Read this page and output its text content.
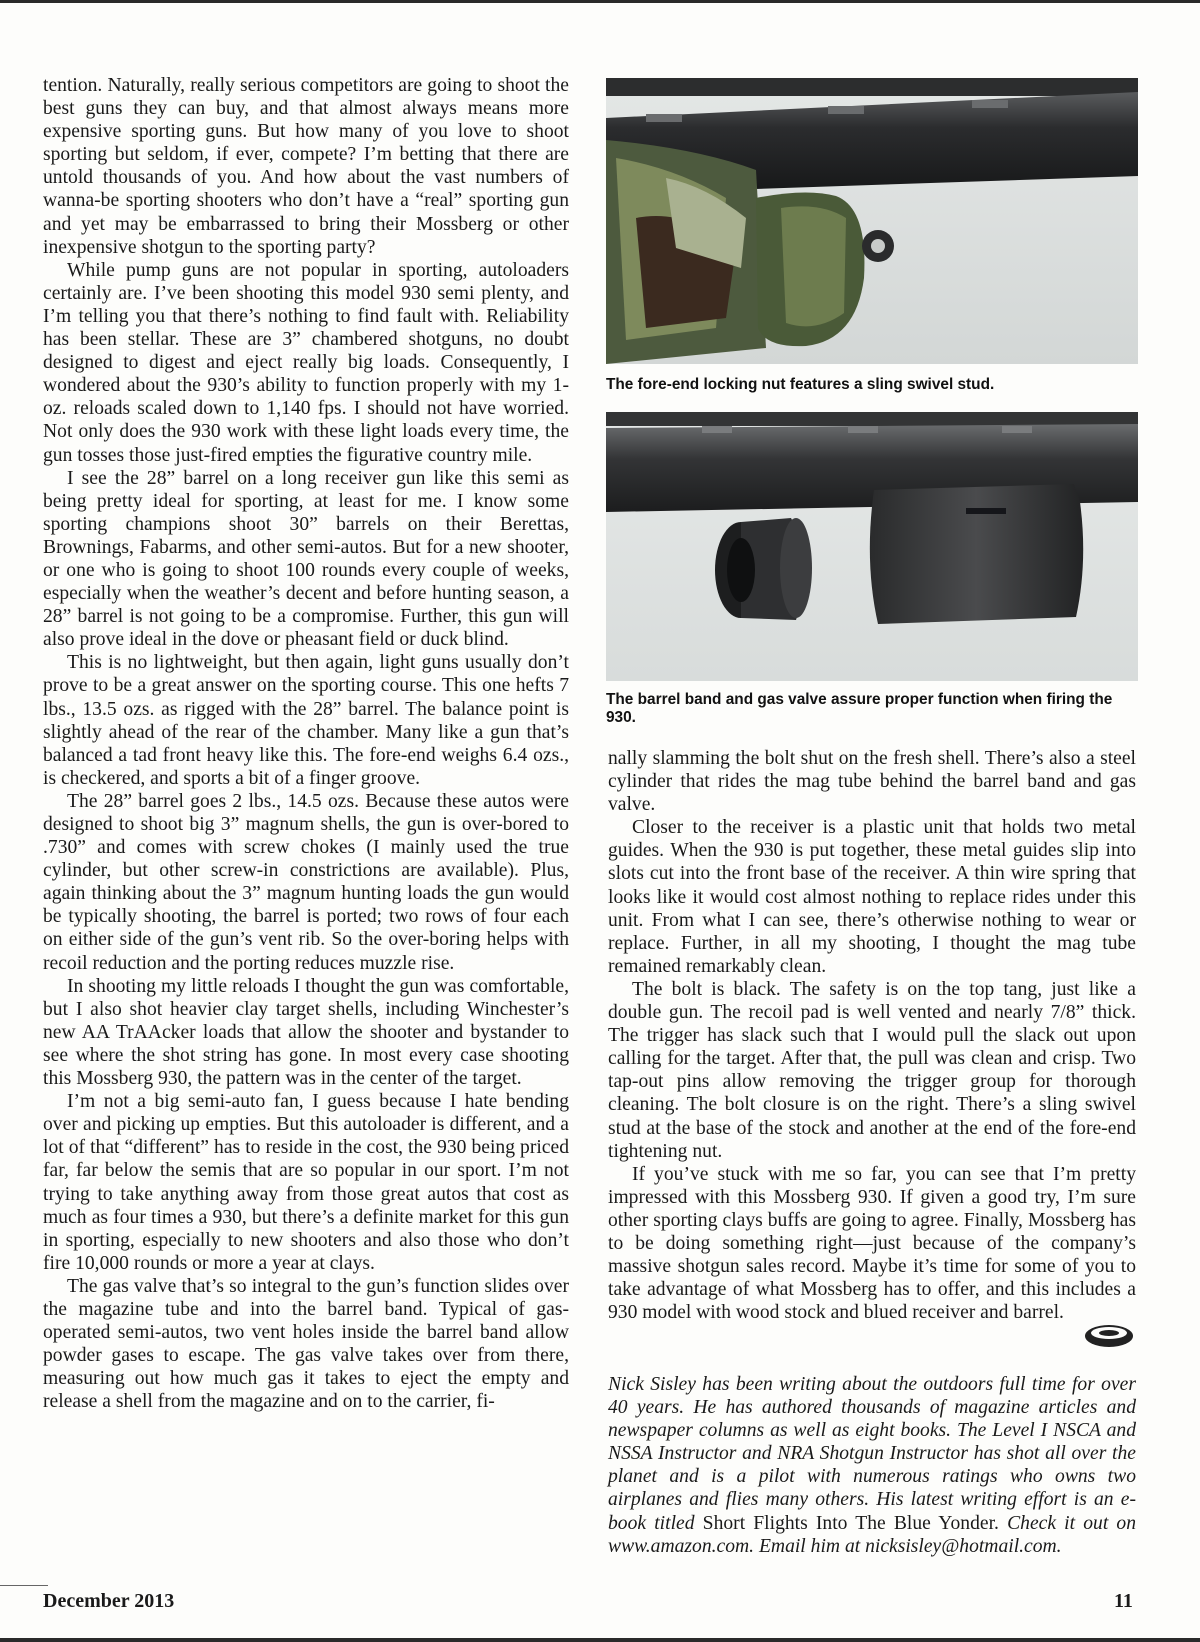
tention. Naturally, really serious competitors are going to shoot the best guns they can buy, and that almost always means more expensive sporting guns. But how many of you love to shoot sporting but seldom, if ever, compete? I’m betting that there are untold thousands of you. And how about the vast numbers of wanna-be sporting shooters who don’t have a “real” sporting gun and yet may be embarrassed to bring their Mossberg or other inexpensive shotgun to the sporting party?

While pump guns are not popular in sporting, autoloaders certainly are. I’ve been shooting this model 930 semi plenty, and I’m telling you that there’s nothing to find fault with. Reliability has been stellar. These are 3” chambered shotguns, no doubt designed to digest and eject really big loads. Consequently, I wondered about the 930’s ability to function properly with my 1-oz. reloads scaled down to 1,140 fps. I should not have worried. Not only does the 930 work with these light loads every time, the gun tosses those just-fired empties the figurative country mile.

I see the 28” barrel on a long receiver gun like this semi as being pretty ideal for sporting, at least for me. I know some sporting champions shoot 30” barrels on their Berettas, Brownings, Fabarms, and other semi-autos. But for a new shooter, or one who is going to shoot 100 rounds every couple of weeks, especially when the weather’s decent and before hunting season, a 28” barrel is not going to be a compromise. Further, this gun will also prove ideal in the dove or pheasant field or duck blind.

This is no lightweight, but then again, light guns usually don’t prove to be a great answer on the sporting course. This one hefts 7 lbs., 13.5 ozs. as rigged with the 28” barrel. The balance point is slightly ahead of the rear of the chamber. Many like a gun that’s balanced a tad front heavy like this. The fore-end weighs 6.4 ozs., is checkered, and sports a bit of a finger groove.

The 28” barrel goes 2 lbs., 14.5 ozs. Because these autos were designed to shoot big 3” magnum shells, the gun is over-bored to .730” and comes with screw chokes (I mainly used the true cylinder, but other screw-in constrictions are available). Plus, again thinking about the 3” magnum hunting loads the gun would be typically shooting, the barrel is ported; two rows of four each on either side of the gun’s vent rib. So the over-boring helps with recoil reduction and the porting reduces muzzle rise.

In shooting my little reloads I thought the gun was comfortable, but I also shot heavier clay target shells, including Winchester’s new AA TrAAcker loads that allow the shooter and bystander to see where the shot string has gone. In most every case shooting this Mossberg 930, the pattern was in the center of the target.

I’m not a big semi-auto fan, I guess because I hate bending over and picking up empties. But this autoloader is different, and a lot of that “different” has to reside in the cost, the 930 being priced far, far below the semis that are so popular in our sport. I’m not trying to take anything away from those great autos that cost as much as four times a 930, but there’s a definite market for this gun in sporting, especially to new shooters and also those who don’t fire 10,000 rounds or more a year at clays.

The gas valve that’s so integral to the gun’s function slides over the magazine tube and into the barrel band. Typical of gas-operated semi-autos, two vent holes inside the barrel band allow powder gases to escape. The gas valve takes over from there, measuring out how much gas it takes to eject the empty and release a shell from the magazine and on to the carrier, fi-

The fore-end locking nut features a sling swivel stud.

The barrel band and gas valve assure proper function when firing the 930.

nally slamming the bolt shut on the fresh shell. There’s also a steel cylinder that rides the mag tube behind the barrel band and gas valve.

Closer to the receiver is a plastic unit that holds two metal guides. When the 930 is put together, these metal guides slip into slots cut into the front base of the receiver. A thin wire spring that looks like it would cost almost nothing to replace rides under this unit. From what I can see, there’s otherwise nothing to wear or replace. Further, in all my shooting, I thought the mag tube remained remarkably clean.

The bolt is black. The safety is on the top tang, just like a double gun. The recoil pad is well vented and nearly 7/8” thick. The trigger has slack such that I would pull the slack out upon calling for the target. After that, the pull was clean and crisp. Two tap-out pins allow removing the trigger group for thorough cleaning. The bolt closure is on the right. There’s a sling swivel stud at the base of the stock and another at the end of the fore-end tightening nut.

If you’ve stuck with me so far, you can see that I’m pretty impressed with this Mossberg 930. If given a good try, I’m sure other sporting clays buffs are going to agree. Finally, Mossberg has to be doing something right—just because of the company’s massive shotgun sales record. Maybe it’s time for some of you to take advantage of what Mossberg has to offer, and this includes a 930 model with wood stock and blued receiver and barrel.

Nick Sisley has been writing about the outdoors full time for over 40 years. He has authored thousands of magazine articles and newspaper columns as well as eight books. The Level I NSCA and NSSA Instructor and NRA Shotgun Instructor has shot all over the planet and is a pilot with numerous ratings who owns two airplanes and flies many others. His latest writing effort is an e-book titled Short Flights Into The Blue Yonder. Check it out on www.amazon.com. Email him at nicksisley@hotmail.com.

December 2013	11
